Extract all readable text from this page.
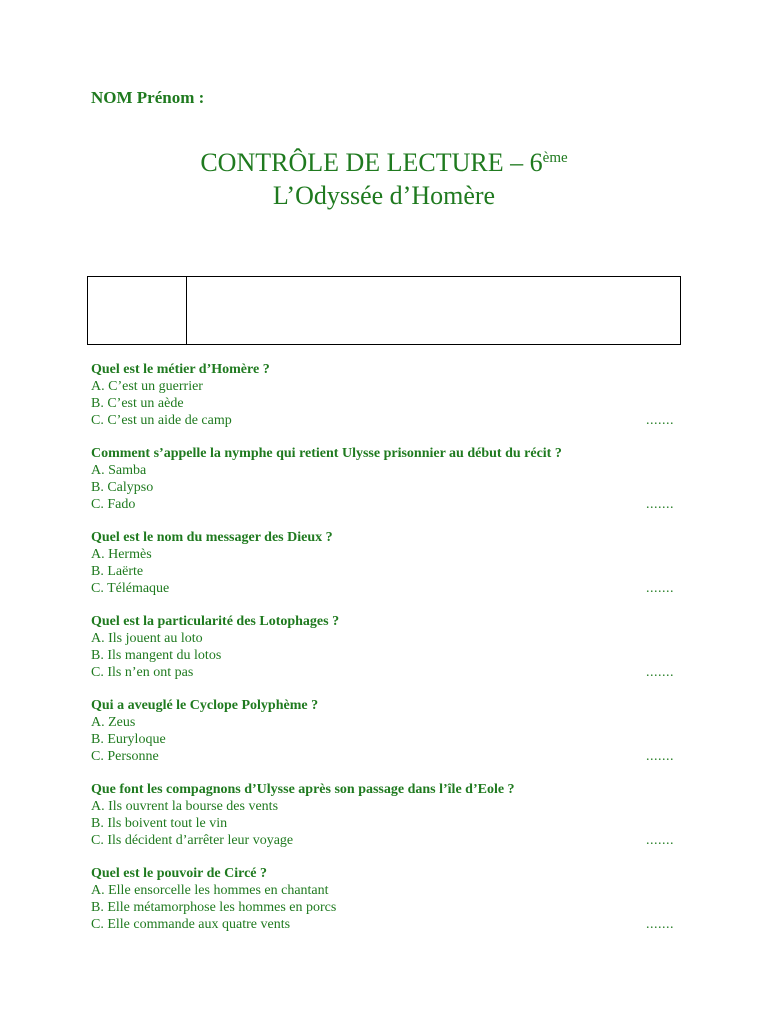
NOM Prénom :

CONTRÔLE DE LECTURE – 6ème
L’Odyssée d’Homère

Quel est le métier d’Homère ?

A. C’est un guerrier

B. C’est un aède

C. C’est un aide de camp	.......

Comment s’appelle la nymphe qui retient Ulysse prisonnier au début du récit ?

A. Samba

B. Calypso

C. Fado	.......

Quel est le nom du messager des Dieux ?

A. Hermès

B. Laërte

C. Télémaque	.......

Quel est la particularité des Lotophages ?

A. Ils jouent au loto

B. Ils mangent du lotos

C. Ils n’en ont pas	.......

Qui a aveuglé le Cyclope Polyphème ?

A. Zeus

B. Euryloque

C. Personne	.......

Que font les compagnons d’Ulysse après son passage dans l’île d’Eole ?

A. Ils ouvrent la bourse des vents

B. Ils boivent tout le vin

C. Ils décident d’arrêter leur voyage	.......

Quel est le pouvoir de Circé ?

A. Elle ensorcelle les hommes en chantant

B. Elle métamorphose les hommes en porcs

C. Elle commande aux quatre vents	.......
